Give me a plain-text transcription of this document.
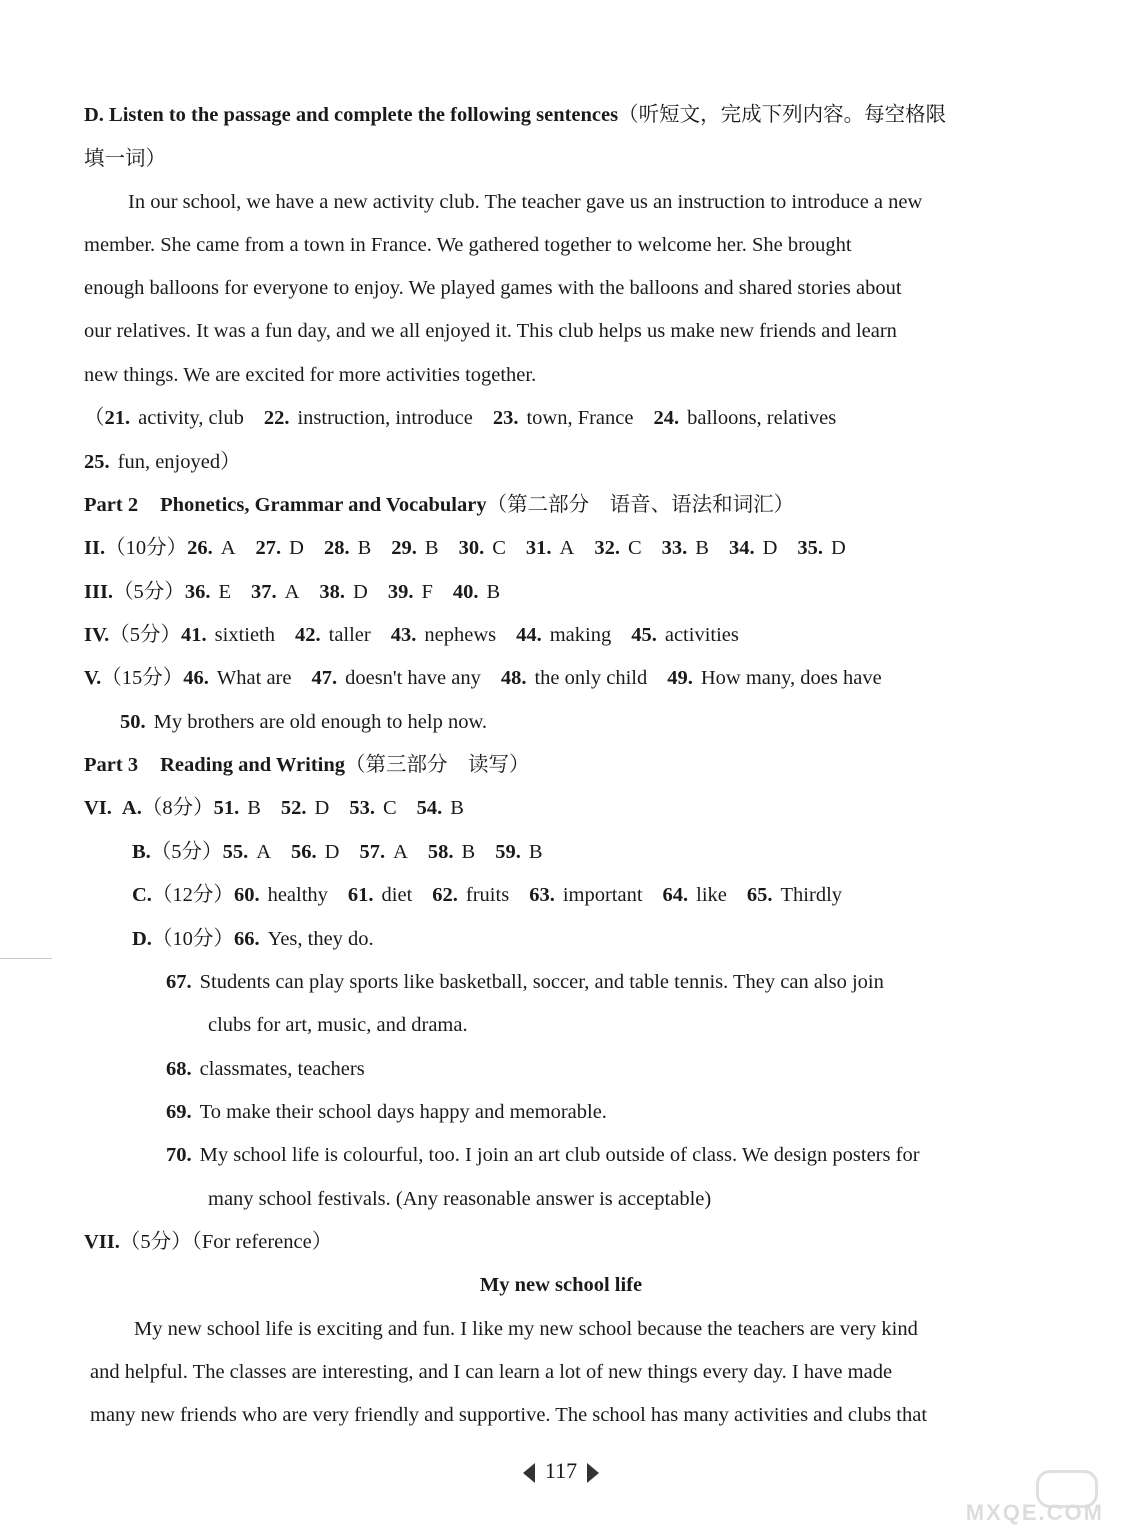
D. Listen to the passage and complete the following sentences（听短文，完成下列内容。每空格限
填一词）
In our school, we have a new activity club. The teacher gave us an instruction to introduce a new
member. She came from a town in France. We gathered together to welcome her. She brought
enough balloons for everyone to enjoy. We played games with the balloons and shared stories about
our relatives. It was a fun day, and we all enjoyed it. This club helps us make new friends and learn
new things. We are excited for more activities together.
（21. activity, club 22. instruction, introduce 23. town, France 24. balloons, relatives
25. fun, enjoyed）
Part 2 Phonetics, Grammar and Vocabulary（第二部分　语音、语法和词汇）
II.（10分）26. A 27. D 28. B 29. B 30. C 31. A 32. C 33. B 34. D 35. D
III.（5分）36. E 37. A 38. D 39. F 40. B
IV.（5分）41. sixtieth 42. taller 43. nephews 44. making 45. activities
V.（15分）46. What are 47. doesn't have any 48. the only child 49. How many, does have
50. My brothers are old enough to help now.
Part 3 Reading and Writing（第三部分　读写）
VI. A.（8分）51. B 52. D 53. C 54. B
B.（5分）55. A 56. D 57. A 58. B 59. B
C.（12分）60. healthy 61. diet 62. fruits 63. important 64. like 65. Thirdly
D.（10分）66. Yes, they do.
67. Students can play sports like basketball, soccer, and table tennis. They can also join
clubs for art, music, and drama.
68. classmates, teachers
69. To make their school days happy and memorable.
70. My school life is colourful, too. I join an art club outside of class. We design posters for
many school festivals. (Any reasonable answer is acceptable)
VII.（5分）（For reference）
My new school life
My new school life is exciting and fun. I like my new school because the teachers are very kind
and helpful. The classes are interesting, and I can learn a lot of new things every day. I have made
many new friends who are very friendly and supportive. The school has many activities and clubs that
117
MXQE.COM
